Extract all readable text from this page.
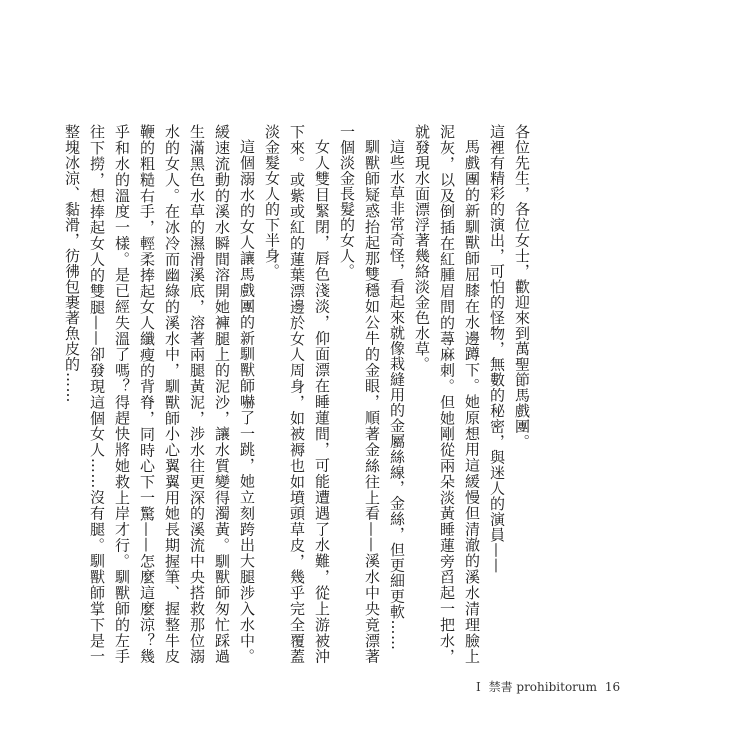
各位先生，各位女士，歡迎來到萬聖節馬戲團。

這裡有精彩的演出，可怕的怪物，無數的秘密，與迷人的演員——

馬戲團的新馴獸師屈膝在水邊蹲下。她原想用這緩慢但清澈的溪水清理臉上泥灰，以及倒插在紅腫眉間的蕁麻刺。但她剛從兩朵淡黃睡蓮旁舀起一把水，就發現水面漂浮著幾絡淡金色水草。

這些水草非常奇怪，看起來就像栽縫用的金屬絲線，金絲，但更細更軟……

馴獸師疑惑抬起那雙穩如公牛的金眼，順著金絲往上看——溪水中央竟漂著一個淡金長髮的女人。

女人雙目緊閉，唇色淺淡，仰面漂在睡蓮間，可能遭遇了水難，從上游被沖下來。或紫或紅的蓮葉漂邊於女人周身，如被褥也如墳頭草皮，幾乎完全覆蓋淡金髮女人的下半身。

這個溺水的女人讓馬戲團的新馴獸師嚇了一跳，她立刻跨出大腿涉入水中。緩速流動的溪水瞬間溶開她褲腿上的泥沙，讓水質變得濁黃。馴獸師匆忙踩過生滿黑色水草的濕滑溪底，溶著兩腿黃泥，涉水往更深的溪流中央搭救那位溺水的女人。在冰冷而幽綠的溪水中，馴獸師小心翼翼用她長期握筆、握整牛皮鞭的粗糙右手，輕柔捧起女人纖瘦的背脊，同時心下一驚——怎麼這麼涼？幾乎和水的溫度一樣。是已經失溫了嗎？得趕快將她救上岸才行。馴獸師的左手往下撈，想捧起女人的雙腿——卻發現這個女人……沒有腿。馴獸師掌下是一整塊冰涼、黏滑，彷彿包裹著魚皮的……

I 禁書 prohibitorum 16
